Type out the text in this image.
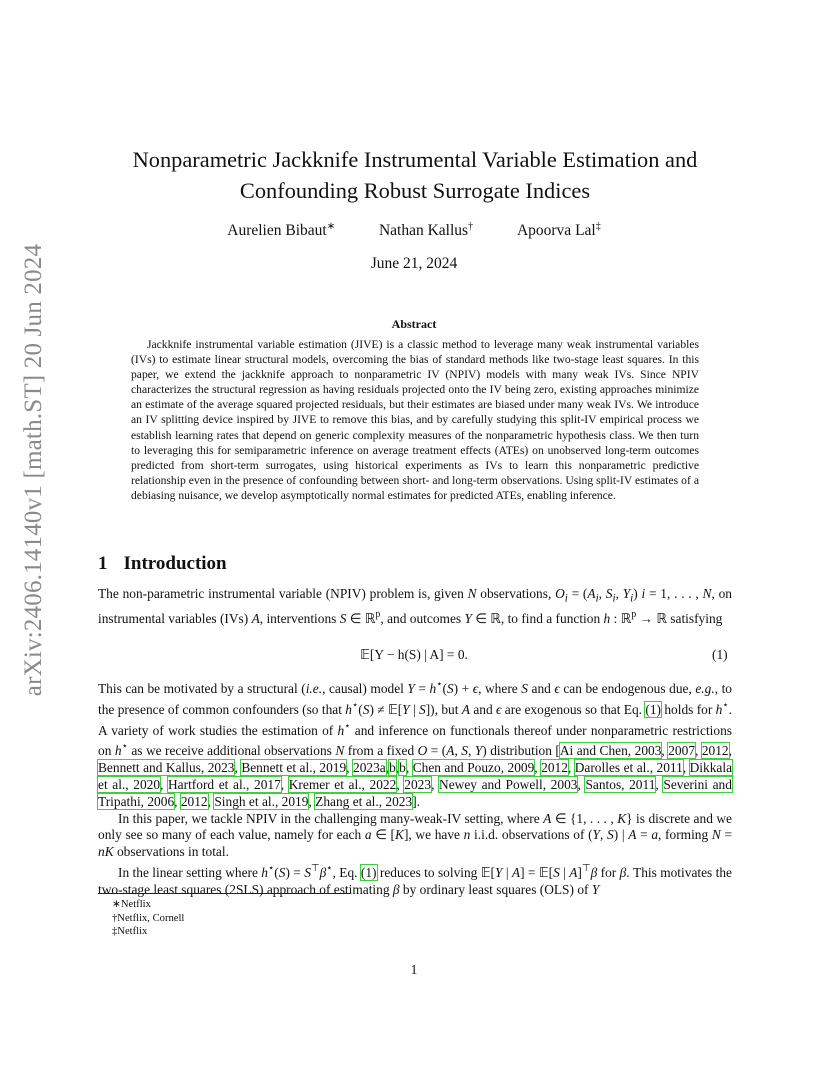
arXiv:2406.14140v1 [math.ST] 20 Jun 2024
Nonparametric Jackknife Instrumental Variable Estimation and
Confounding Robust Surrogate Indices
Aurelien Bibaut∗	Nathan Kallus†	Apoorva Lal‡
June 21, 2024
Abstract
Jackknife instrumental variable estimation (JIVE) is a classic method to leverage many weak instrumental variables (IVs) to estimate linear structural models, overcoming the bias of standard methods like two-stage least squares. In this paper, we extend the jackknife approach to nonparametric IV (NPIV) models with many weak IVs. Since NPIV characterizes the structural regression as having residuals projected onto the IV being zero, existing approaches minimize an estimate of the average squared projected residuals, but their estimates are biased under many weak IVs. We introduce an IV splitting device inspired by JIVE to remove this bias, and by carefully studying this split-IV empirical process we establish learning rates that depend on generic complexity measures of the nonparametric hypothesis class. We then turn to leveraging this for semiparametric inference on average treatment effects (ATEs) on unobserved long-term outcomes predicted from short-term surrogates, using historical experiments as IVs to learn this nonparametric predictive relationship even in the presence of confounding between short- and long-term observations. Using split-IV estimates of a debiasing nuisance, we develop asymptotically normal estimates for predicted ATEs, enabling inference.
1 Introduction

The non-parametric instrumental variable (NPIV) problem is, given N observations, $O_i = (A_i$, $S_i$, $Y_i$) i = 1, . . . , N, on instrumental variables (IVs) A, interventions S ∈ ℝ$^p$, and outcomes Y ∈ ℝ, to find a function h : ℝ$^p$ → ℝ satisfying

𝔼[Y − h(S) | A] = 0.	(1)

This can be motivated by a structural (i.e., causal) model Y = h⋆(S) + ϵ, where S and ϵ can be endogenous due, e.g., to the presence of common confounders (so that h⋆(S) ≠ 𝔼[Y | S]), but A and ϵ are exogenous so that Eq. (1) holds for h⋆. A variety of work studies the estimation of h⋆ and inference on functionals thereof under nonparametric restrictions on h⋆ as we receive additional observations N from a fixed O = (A, S, Y) distribution [Ai and Chen, 2003, 2007, 2012, Bennett and Kallus, 2023, Bennett et al., 2019, 2023a,b,b, Chen and Pouzo, 2009, 2012, Darolles et al., 2011, Dikkala et al., 2020, Hartford et al., 2017, Kremer et al., 2022, 2023, Newey and Powell, 2003, Santos, 2011, Severini and Tripathi, 2006, 2012, Singh et al., 2019, Zhang et al., 2023].

In this paper, we tackle NPIV in the challenging many-weak-IV setting, where A ∈ {1, . . . , K} is discrete and we only see so many of each value, namely for each a ∈ [K], we have n i.i.d. observations of (Y, S) | A = a, forming N = nK observations in total.

In the linear setting where h⋆(S) = S⊤β⋆, Eq. (1) reduces to solving 𝔼[Y | A] = 𝔼[S | A]⊤β for β. This motivates the two-stage least squares (2SLS) approach of estimating β by ordinary least squares (OLS) of Y

∗Netflix
†Netflix, Cornell
‡Netflix
1
